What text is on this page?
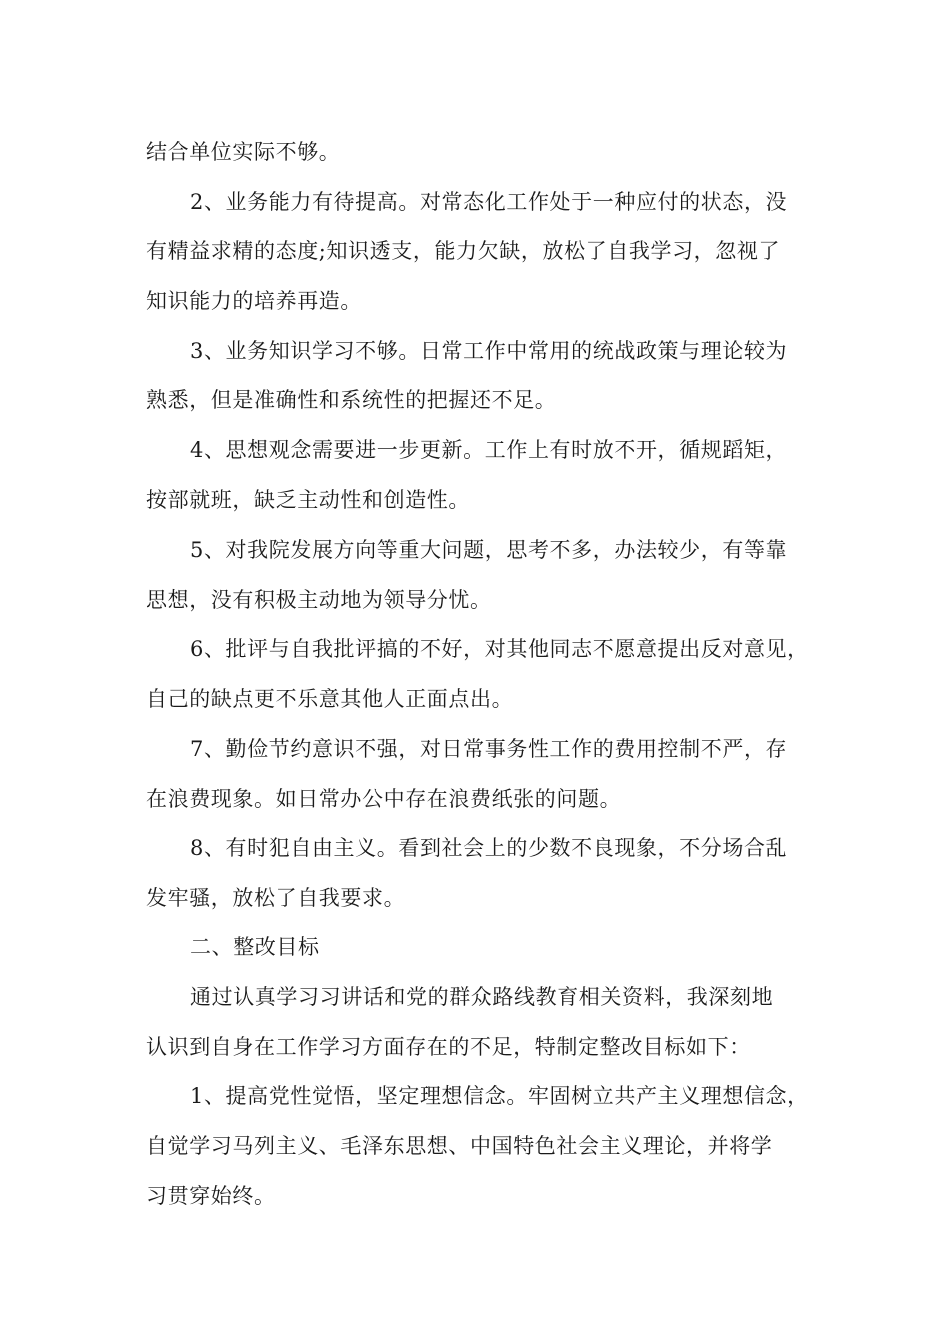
结合单位实际不够。
2、业务能力有待提高。对常态化工作处于一种应付的状态，没
有精益求精的态度;知识透支，能力欠缺，放松了自我学习，忽视了
知识能力的培养再造。
3、业务知识学习不够。日常工作中常用的统战政策与理论较为
熟悉，但是准确性和系统性的把握还不足。
4、思想观念需要进一步更新。工作上有时放不开，循规蹈矩，
按部就班，缺乏主动性和创造性。
5、对我院发展方向等重大问题，思考不多，办法较少，有等靠
思想，没有积极主动地为领导分忧。
6、批评与自我批评搞的不好，对其他同志不愿意提出反对意见，
自己的缺点更不乐意其他人正面点出。
7、勤俭节约意识不强，对日常事务性工作的费用控制不严，存
在浪费现象。如日常办公中存在浪费纸张的问题。
8、有时犯自由主义。看到社会上的少数不良现象，不分场合乱
发牢骚，放松了自我要求。
二、整改目标
通过认真学习习讲话和党的群众路线教育相关资料，我深刻地
认识到自身在工作学习方面存在的不足，特制定整改目标如下：
1、提高党性觉悟，坚定理想信念。牢固树立共产主义理想信念，
自觉学习马列主义、毛泽东思想、中国特色社会主义理论，并将学
习贯穿始终。
